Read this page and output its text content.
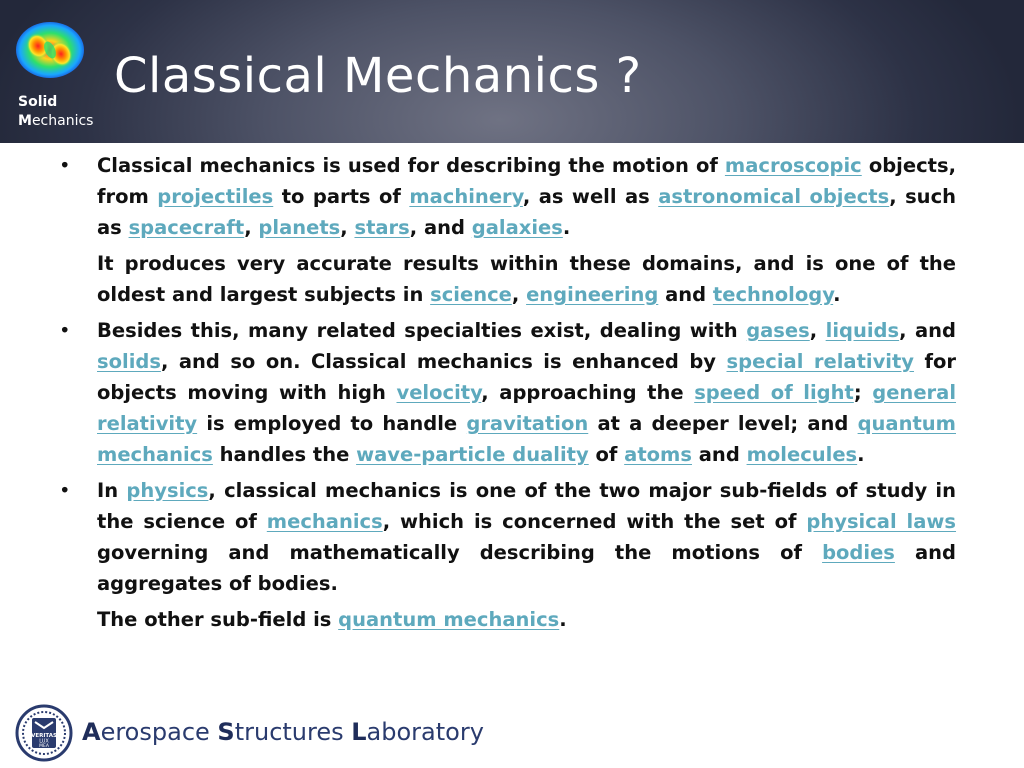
Solid
Mechanics
Classical Mechanics ?
• Classical mechanics is used for describing the motion of macroscopic objects, from projectiles to parts of machinery, as well as astronomical objects, such as spacecraft, planets, stars, and galaxies.
It produces very accurate results within these domains, and is one of the oldest and largest subjects in science, engineering and technology.
• Besides this, many related specialties exist, dealing with gases, liquids, and solids, and so on. Classical mechanics is enhanced by special relativity for objects moving with high velocity, approaching the speed of light; general relativity is employed to handle gravitation at a deeper level; and quantum mechanics handles the wave-particle duality of atoms and molecules.
• In physics, classical mechanics is one of the two major sub-fields of study in the science of mechanics, which is concerned with the set of physical laws governing and mathematically describing the motions of bodies and aggregates of bodies.
The other sub-field is quantum mechanics.
VERITAS
LUX
MEA
Aerospace Structures Laboratory
